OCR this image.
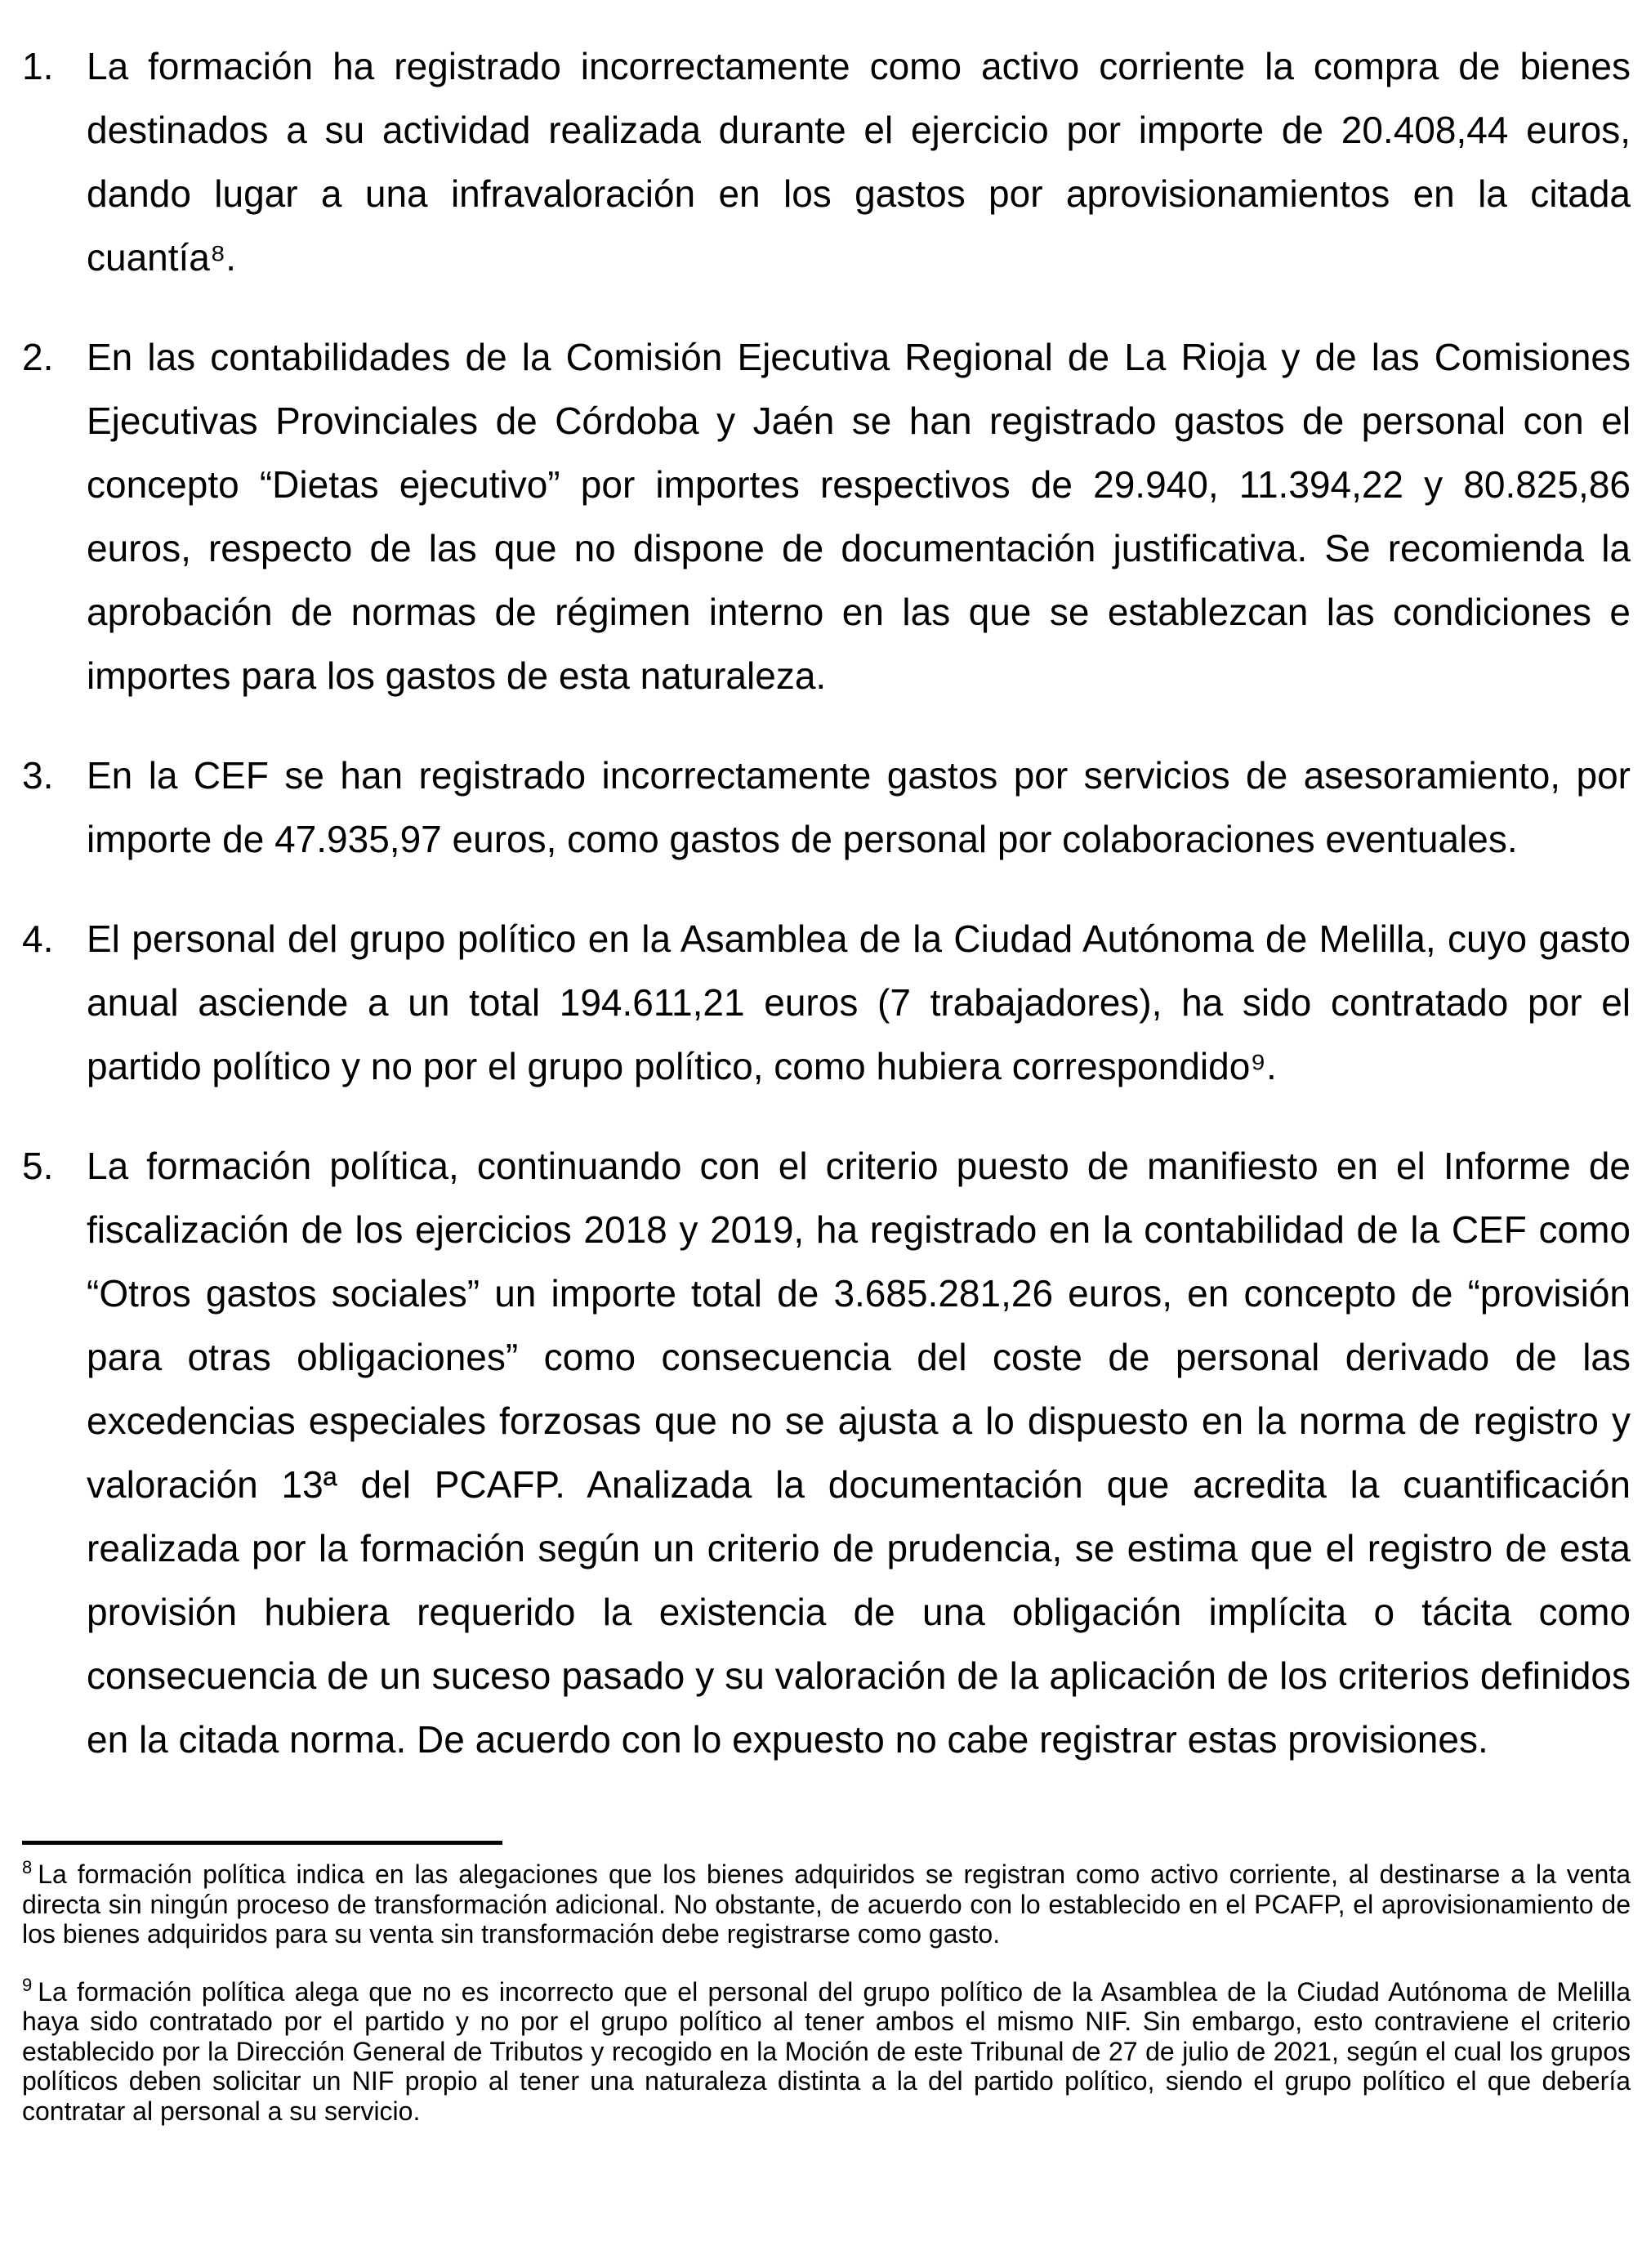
1. La formación ha registrado incorrectamente como activo corriente la compra de bienes destinados a su actividad realizada durante el ejercicio por importe de 20.408,44 euros, dando lugar a una infravaloración en los gastos por aprovisionamientos en la citada cuantía⁸.
2. En las contabilidades de la Comisión Ejecutiva Regional de La Rioja y de las Comisiones Ejecutivas Provinciales de Córdoba y Jaén se han registrado gastos de personal con el concepto “Dietas ejecutivo” por importes respectivos de 29.940, 11.394,22 y 80.825,86 euros, respecto de las que no dispone de documentación justificativa. Se recomienda la aprobación de normas de régimen interno en las que se establezcan las condiciones e importes para los gastos de esta naturaleza.
3. En la CEF se han registrado incorrectamente gastos por servicios de asesoramiento, por importe de 47.935,97 euros, como gastos de personal por colaboraciones eventuales.
4. El personal del grupo político en la Asamblea de la Ciudad Autónoma de Melilla, cuyo gasto anual asciende a un total 194.611,21 euros (7 trabajadores), ha sido contratado por el partido político y no por el grupo político, como hubiera correspondido⁹.
5. La formación política, continuando con el criterio puesto de manifiesto en el Informe de fiscalización de los ejercicios 2018 y 2019, ha registrado en la contabilidad de la CEF como “Otros gastos sociales” un importe total de 3.685.281,26 euros, en concepto de “provisión para otras obligaciones” como consecuencia del coste de personal derivado de las excedencias especiales forzosas que no se ajusta a lo dispuesto en la norma de registro y valoración 13ª del PCAFP. Analizada la documentación que acredita la cuantificación realizada por la formación según un criterio de prudencia, se estima que el registro de esta provisión hubiera requerido la existencia de una obligación implícita o tácita como consecuencia de un suceso pasado y su valoración de la aplicación de los criterios definidos en la citada norma. De acuerdo con lo expuesto no cabe registrar estas provisiones.

$^8$ La formación política indica en las alegaciones que los bienes adquiridos se registran como activo corriente, al destinarse a la venta directa sin ningún proceso de transformación adicional. No obstante, de acuerdo con lo establecido en el PCAFP, el aprovisionamiento de los bienes adquiridos para su venta sin transformación debe registrarse como gasto.

$^9$ La formación política alega que no es incorrecto que el personal del grupo político de la Asamblea de la Ciudad Autónoma de Melilla haya sido contratado por el partido y no por el grupo político al tener ambos el mismo NIF. Sin embargo, esto contraviene el criterio establecido por la Dirección General de Tributos y recogido en la Moción de este Tribunal de 27 de julio de 2021, según el cual los grupos políticos deben solicitar un NIF propio al tener una naturaleza distinta a la del partido político, siendo el grupo político el que debería contratar al personal a su servicio.
